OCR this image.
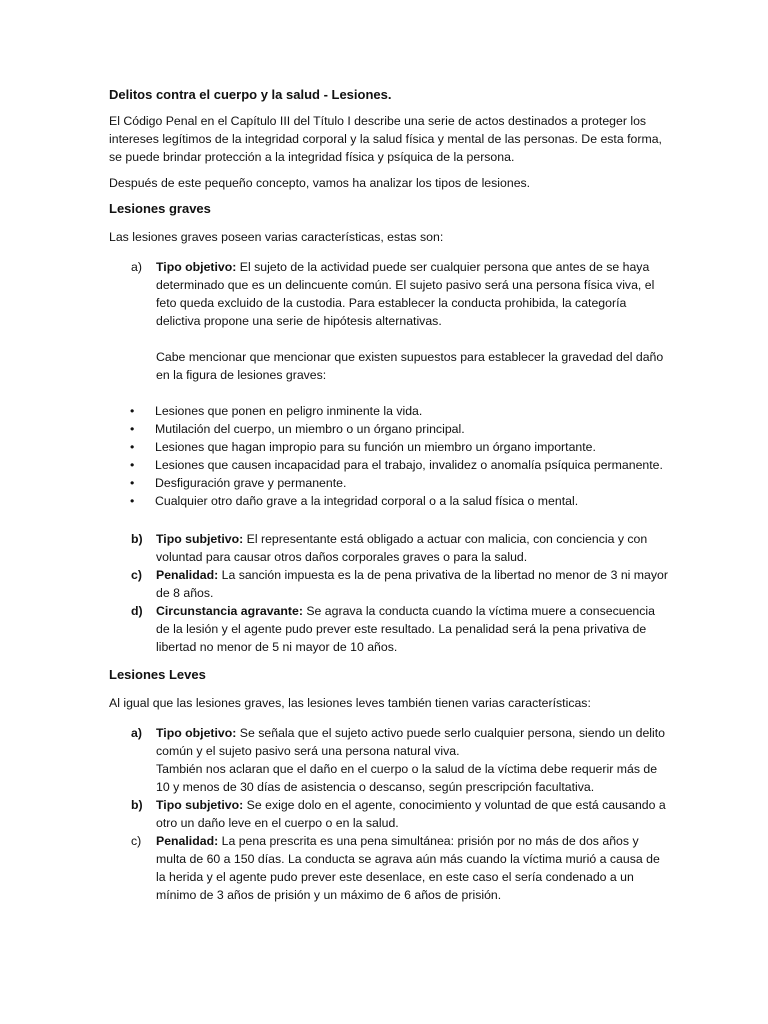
Delitos contra el cuerpo y la salud - Lesiones.

El Código Penal en el Capítulo III del Título I describe una serie de actos destinados a proteger los intereses legítimos de la integridad corporal y la salud física y mental de las personas. De esta forma, se puede brindar protección a la integridad física y psíquica de la persona.

Después de este pequeño concepto, vamos ha analizar los tipos de lesiones.

Lesiones graves

Las lesiones graves poseen varias características, estas son:

a) Tipo objetivo: El sujeto de la actividad puede ser cualquier persona que antes de se haya determinado que es un delincuente común. El sujeto pasivo será una persona física viva, el feto queda excluido de la custodia. Para establecer la conducta prohibida, la categoría delictiva propone una serie de hipótesis alternativas.
Cabe mencionar que mencionar que existen supuestos para establecer la gravedad del daño en la figura de lesiones graves:
• Lesiones que ponen en peligro inminente la vida.
• Mutilación del cuerpo, un miembro o un órgano principal.
• Lesiones que hagan impropio para su función un miembro un órgano importante.
• Lesiones que causen incapacidad para el trabajo, invalidez o anomalía psíquica permanente.
• Desfiguración grave y permanente.
• Cualquier otro daño grave a la integridad corporal o a la salud física o mental.
b) Tipo subjetivo: El representante está obligado a actuar con malicia, con conciencia y con voluntad para causar otros daños corporales graves o para la salud.
c) Penalidad: La sanción impuesta es la de pena privativa de la libertad no menor de 3 ni mayor de 8 años.
d) Circunstancia agravante: Se agrava la conducta cuando la víctima muere a consecuencia de la lesión y el agente pudo prever este resultado. La penalidad será la pena privativa de libertad no menor de 5 ni mayor de 10 años.

Lesiones Leves

Al igual que las lesiones graves, las lesiones leves también tienen varias características:

a) Tipo objetivo: Se señala que el sujeto activo puede serlo cualquier persona, siendo un delito común y el sujeto pasivo será una persona natural viva.
También nos aclaran que el daño en el cuerpo o la salud de la víctima debe requerir más de 10 y menos de 30 días de asistencia o descanso, según prescripción facultativa.
b) Tipo subjetivo: Se exige dolo en el agente, conocimiento y voluntad de que está causando a otro un daño leve en el cuerpo o en la salud.
c) Penalidad: La pena prescrita es una pena simultánea: prisión por no más de dos años y multa de 60 a 150 días. La conducta se agrava aún más cuando la víctima murió a causa de la herida y el agente pudo prever este desenlace, en este caso el sería condenado a un mínimo de 3 años de prisión y un máximo de 6 años de prisión.
